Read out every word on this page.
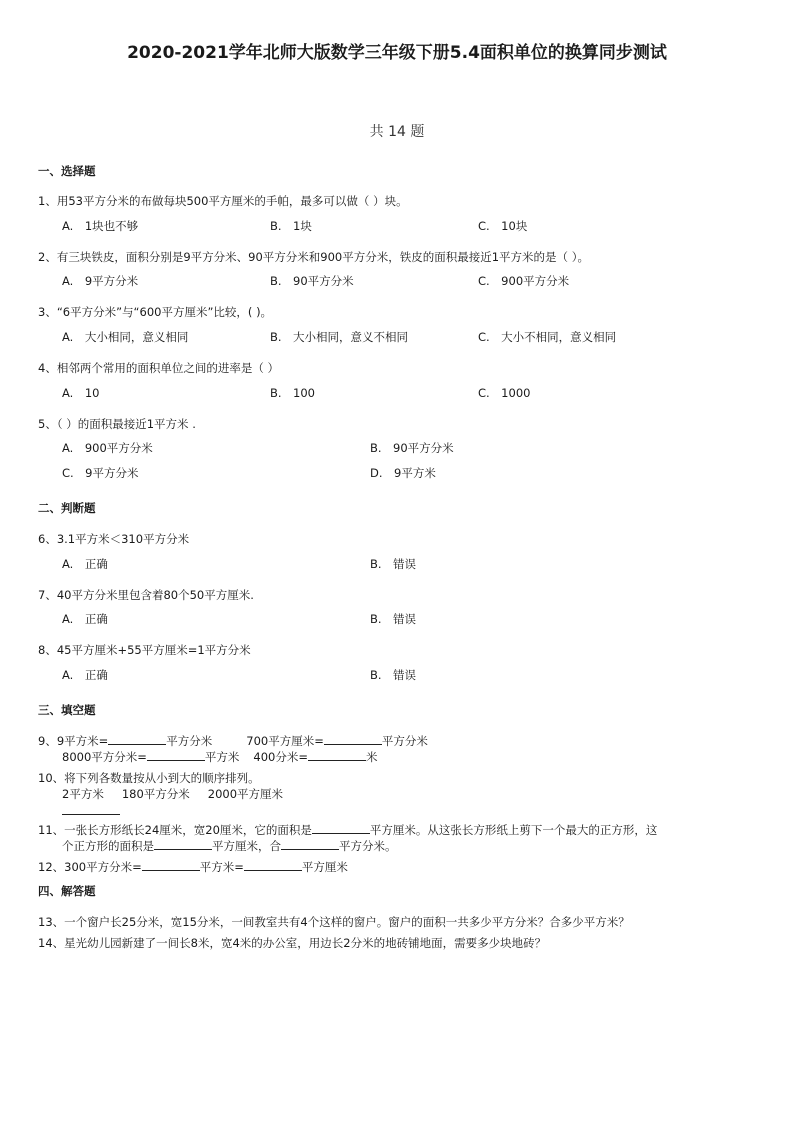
2020-2021学年北师大版数学三年级下册5.4面积单位的换算同步测试
共 14 题
一、选择题
1、用53平方分米的布做每块500平方厘米的手帕，最多可以做（ ）块。
A.　1块也不够	B.　1块	C.　10块
2、有三块铁皮，面积分别是9平方分米、90平方分米和900平方分米，铁皮的面积最接近1平方米的是（ ）。
A.　9平方分米	B.　90平方分米	C.　900平方分米
3、“6平方分米”与“600平方厘米”比较，( )。
A.　大小相同，意义相同	B.　大小相同，意义不相同	C.　大小不相同，意义相同
4、相邻两个常用的面积单位之间的进率是（ ）
A.　10	B.　100	C.　1000
5、（ ）的面积最接近1平方米 .
A.　900平方分米	B.　90平方分米
C.　9平方分米	D.　9平方米
二、判断题
6、3.1平方米＜310平方分米
A.　正确	B.　错误
7、40平方分米里包含着80个50平方厘米.
A.　正确	B.　错误
8、45平方厘米+55平方厘米=1平方分米
A.　正确	B.　错误
三、填空题
9、9平方米=	平方分米	700平方厘米=	平方分米
8000平方分米=	平方米 400分米=	米
10、将下列各数量按从小到大的顺序排列。
2平方米 180平方分米 2000平方厘米
11、一张长方形纸长24厘米，宽20厘米，它的面积是	平方厘米。从这张长方形纸上剪下一个最大的正方形，这
个正方形的面积是	平方厘米，合	平方分米。
12、300平方分米=	平方米=	平方厘米
四、解答题
13、一个窗户长25分米，宽15分米，一间教室共有4个这样的窗户。窗户的面积一共多少平方分米？合多少平方米？
14、星光幼儿园新建了一间长8米，宽4米的办公室，用边长2分米的地砖铺地面，需要多少块地砖？
